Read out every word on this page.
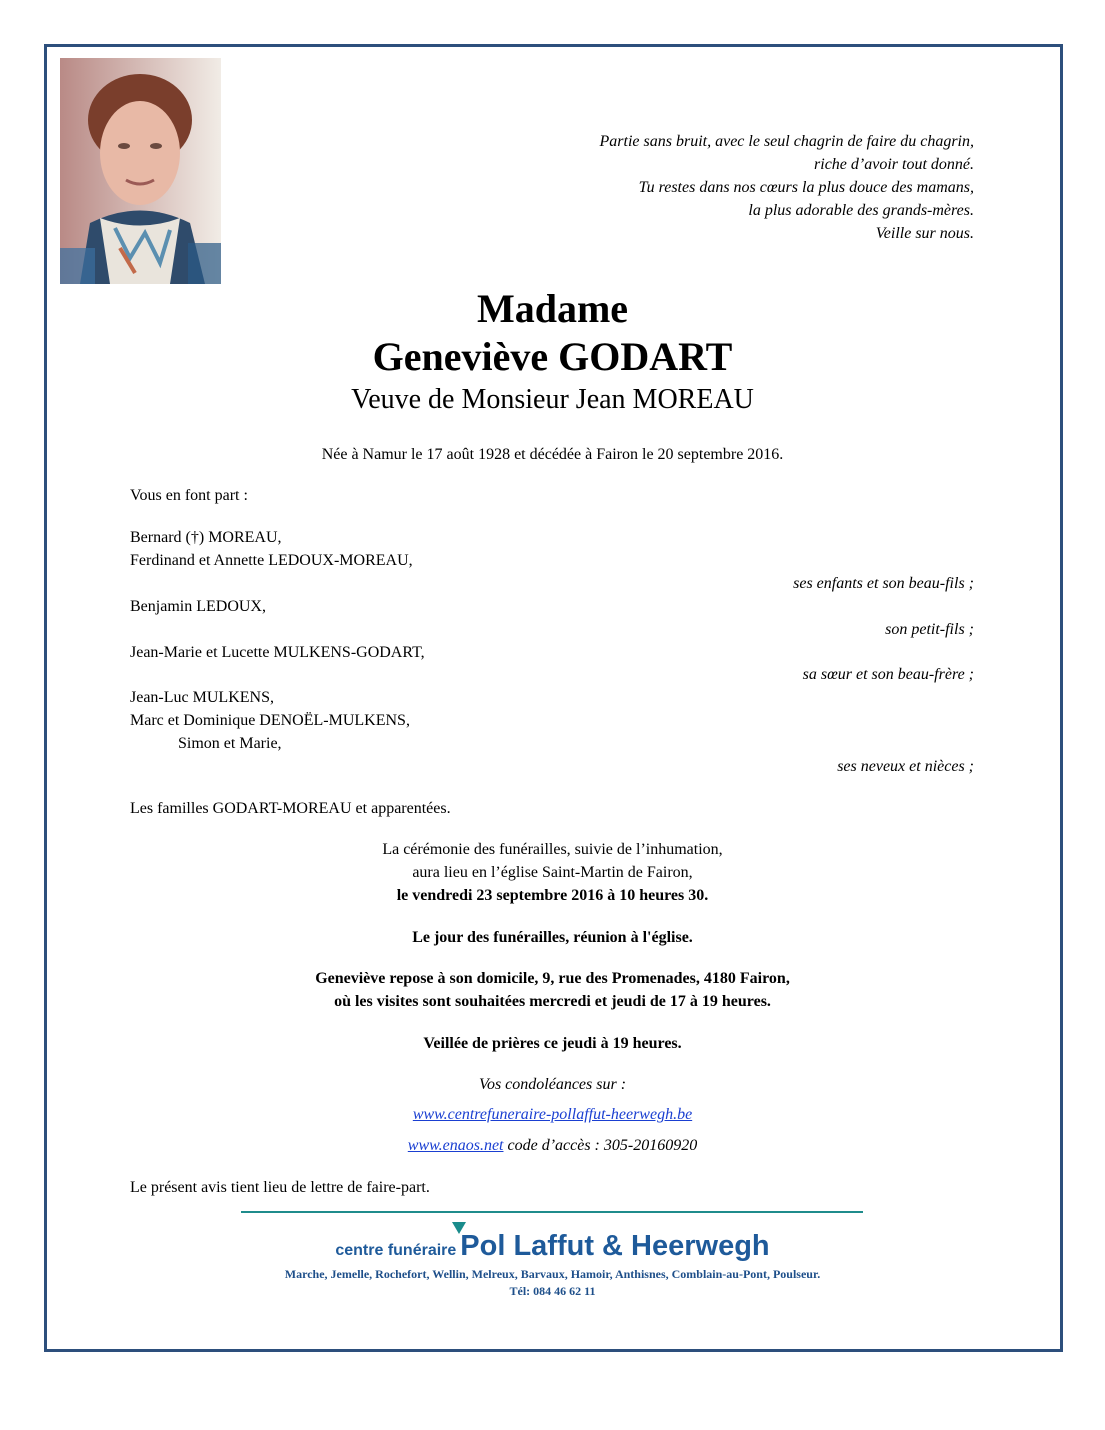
Partie sans bruit, avec le seul chagrin de faire du chagrin,
riche d’avoir tout donné.
Tu restes dans nos cœurs la plus douce des mamans,
la plus adorable des grands-mères.
Veille sur nous.
Madame
Geneviève GODART
Veuve de Monsieur Jean MOREAU
Née à Namur le 17 août 1928 et décédée à Fairon le 20 septembre 2016.
Vous en font part :
Bernard (†) MOREAU,
Ferdinand et Annette LEDOUX-MOREAU,
ses enfants et son beau-fils ;
Benjamin LEDOUX,
son petit-fils ;
Jean-Marie et Lucette MULKENS-GODART,
sa sœur et son beau-frère ;
Jean-Luc MULKENS,
Marc et Dominique DENOËL-MULKENS,
Simon et Marie,
ses neveux et nièces ;
Les familles GODART-MOREAU et apparentées.
La cérémonie des funérailles, suivie de l’inhumation,
aura lieu en l’église Saint-Martin de Fairon,
le vendredi 23 septembre 2016 à 10 heures 30.
Le jour des funérailles, réunion à l'église.
Geneviève repose à son domicile, 9, rue des Promenades, 4180 Fairon,
où les visites sont souhaitées mercredi et jeudi de 17 à 19 heures.
Veillée de prières ce jeudi à 19 heures.
Vos condoléances sur :
www.centrefuneraire-pollaffut-heerwegh.be
www.enaos.net code d’accès : 305-20160920
Le présent avis tient lieu de lettre de faire-part.
centre funéraire Pol Laffut & Heerwegh
Marche, Jemelle, Rochefort, Wellin, Melreux, Barvaux, Hamoir, Anthisnes, Comblain-au-Pont, Poulseur.
Tél: 084 46 62 11
